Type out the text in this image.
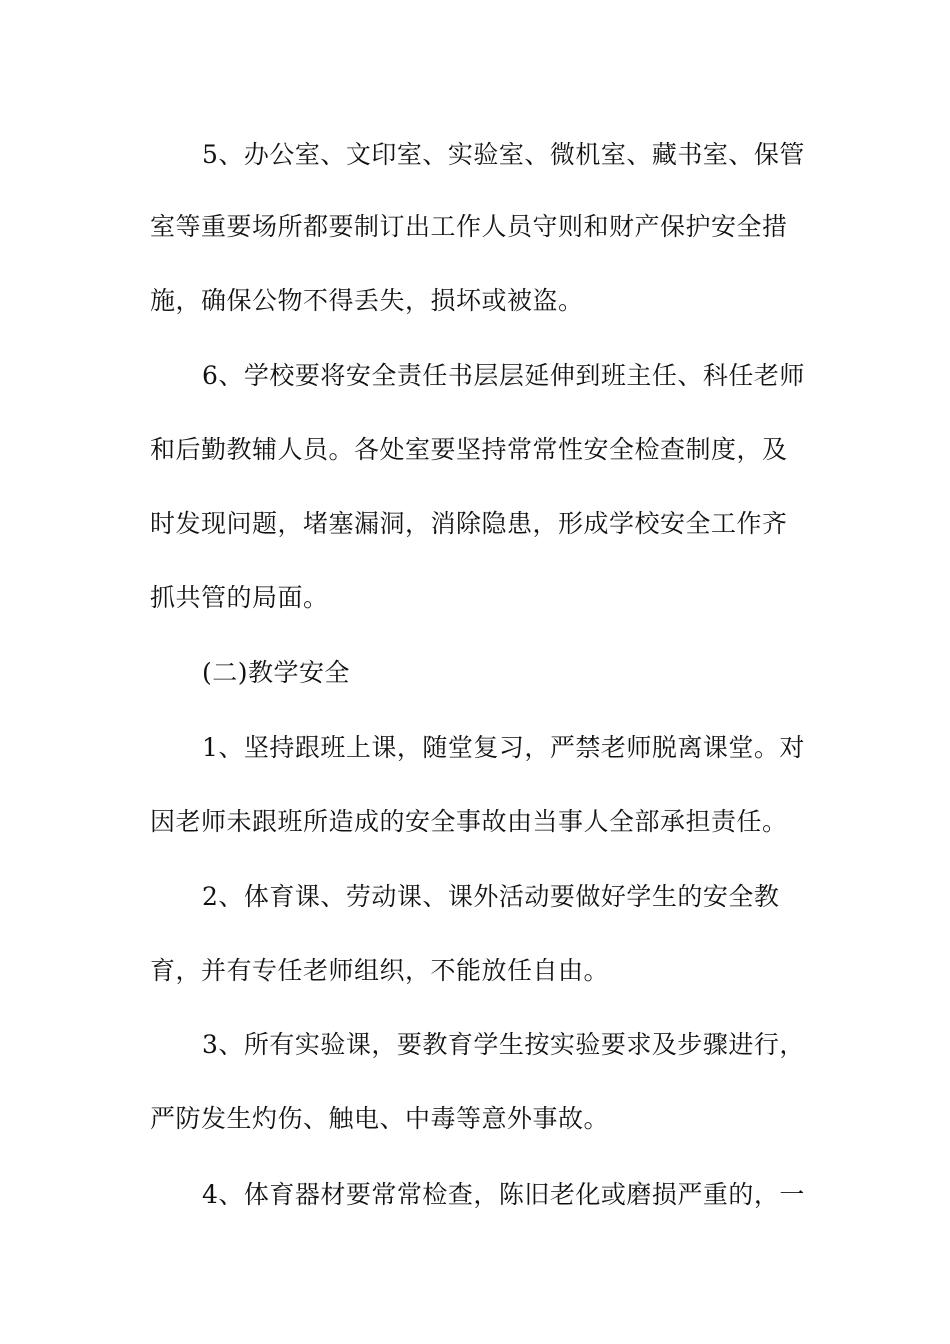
5、办公室、文印室、实验室、微机室、藏书室、保管
室等重要场所都要制订出工作人员守则和财产保护安全措
施，确保公物不得丢失，损坏或被盗。
6、学校要将安全责任书层层延伸到班主任、科任老师
和后勤教辅人员。各处室要坚持常常性安全检查制度，及
时发现问题，堵塞漏洞，消除隐患，形成学校安全工作齐
抓共管的局面。
(二)教学安全
1、坚持跟班上课，随堂复习，严禁老师脱离课堂。对
因老师未跟班所造成的安全事故由当事人全部承担责任。
2、体育课、劳动课、课外活动要做好学生的安全教
育，并有专任老师组织，不能放任自由。
3、所有实验课，要教育学生按实验要求及步骤进行，
严防发生灼伤、触电、中毒等意外事故。
4、体育器材要常常检查，陈旧老化或磨损严重的，一
